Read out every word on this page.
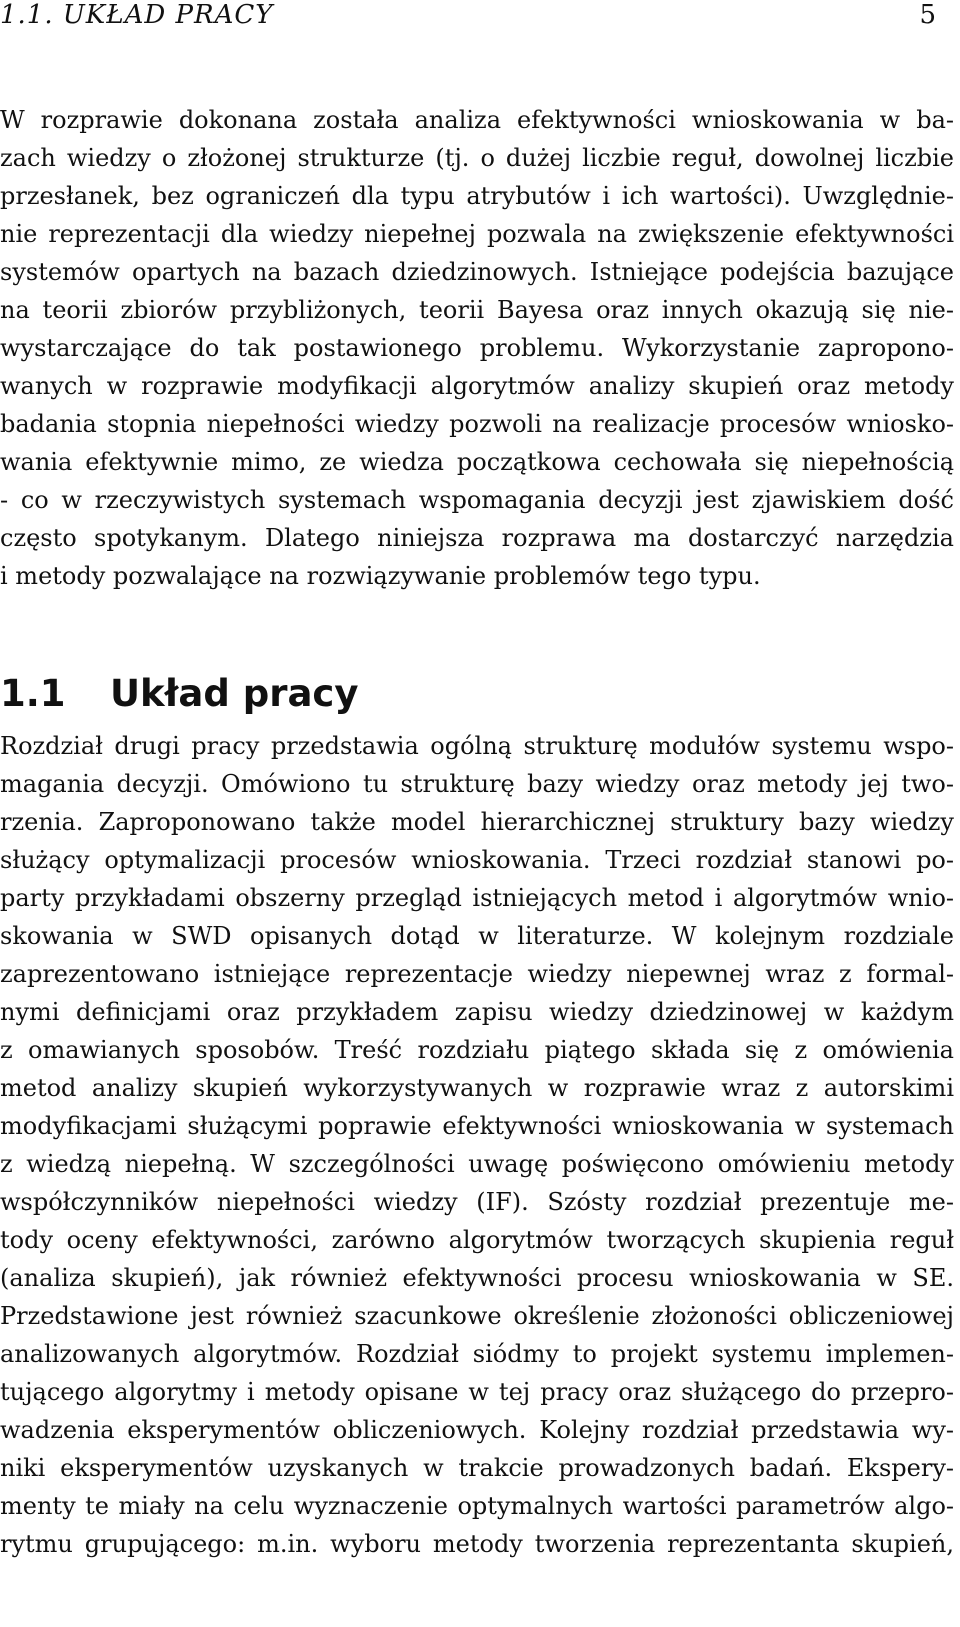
1.1. UKŁAD PRACY	5
W rozprawie dokonana została analiza efektywności wnioskowania w ba-
zach wiedzy o złożonej strukturze (tj. o dużej liczbie reguł, dowolnej liczbie
przesłanek, bez ograniczeń dla typu atrybutów i ich wartości). Uwzględnie-
nie reprezentacji dla wiedzy niepełnej pozwala na zwiększenie efektywności
systemów opartych na bazach dziedzinowych. Istniejące podejścia bazujące
na teorii zbiorów przybliżonych, teorii Bayesa oraz innych okazują się nie-
wystarczające do tak postawionego problemu. Wykorzystanie zapropono-
wanych w rozprawie modyfikacji algorytmów analizy skupień oraz metody
badania stopnia niepełności wiedzy pozwoli na realizacje procesów wniosko-
wania efektywnie mimo, ze wiedza początkowa cechowała się niepełnością
- co w rzeczywistych systemach wspomagania decyzji jest zjawiskiem dość
często spotykanym. Dlatego niniejsza rozprawa ma dostarczyć narzędzia
i metody pozwalające na rozwiązywanie problemów tego typu.
1.1 Układ pracy
Rozdział drugi pracy przedstawia ogólną strukturę modułów systemu wspo-
magania decyzji. Omówiono tu strukturę bazy wiedzy oraz metody jej two-
rzenia. Zaproponowano także model hierarchicznej struktury bazy wiedzy
służący optymalizacji procesów wnioskowania. Trzeci rozdział stanowi po-
party przykładami obszerny przegląd istniejących metod i algorytmów wnio-
skowania w SWD opisanych dotąd w literaturze. W kolejnym rozdziale
zaprezentowano istniejące reprezentacje wiedzy niepewnej wraz z formal-
nymi definicjami oraz przykładem zapisu wiedzy dziedzinowej w każdym
z omawianych sposobów. Treść rozdziału piątego składa się z omówienia
metod analizy skupień wykorzystywanych w rozprawie wraz z autorskimi
modyfikacjami służącymi poprawie efektywności wnioskowania w systemach
z wiedzą niepełną. W szczególności uwagę poświęcono omówieniu metody
współczynników niepełności wiedzy (IF). Szósty rozdział prezentuje me-
tody oceny efektywności, zarówno algorytmów tworzących skupienia reguł
(analiza skupień), jak również efektywności procesu wnioskowania w SE.
Przedstawione jest również szacunkowe określenie złożoności obliczeniowej
analizowanych algorytmów. Rozdział siódmy to projekt systemu implemen-
tującego algorytmy i metody opisane w tej pracy oraz służącego do przepro-
wadzenia eksperymentów obliczeniowych. Kolejny rozdział przedstawia wy-
niki eksperymentów uzyskanych w trakcie prowadzonych badań. Ekspery-
menty te miały na celu wyznaczenie optymalnych wartości parametrów algo-
rytmu grupującego: m.in. wyboru metody tworzenia reprezentanta skupień,
